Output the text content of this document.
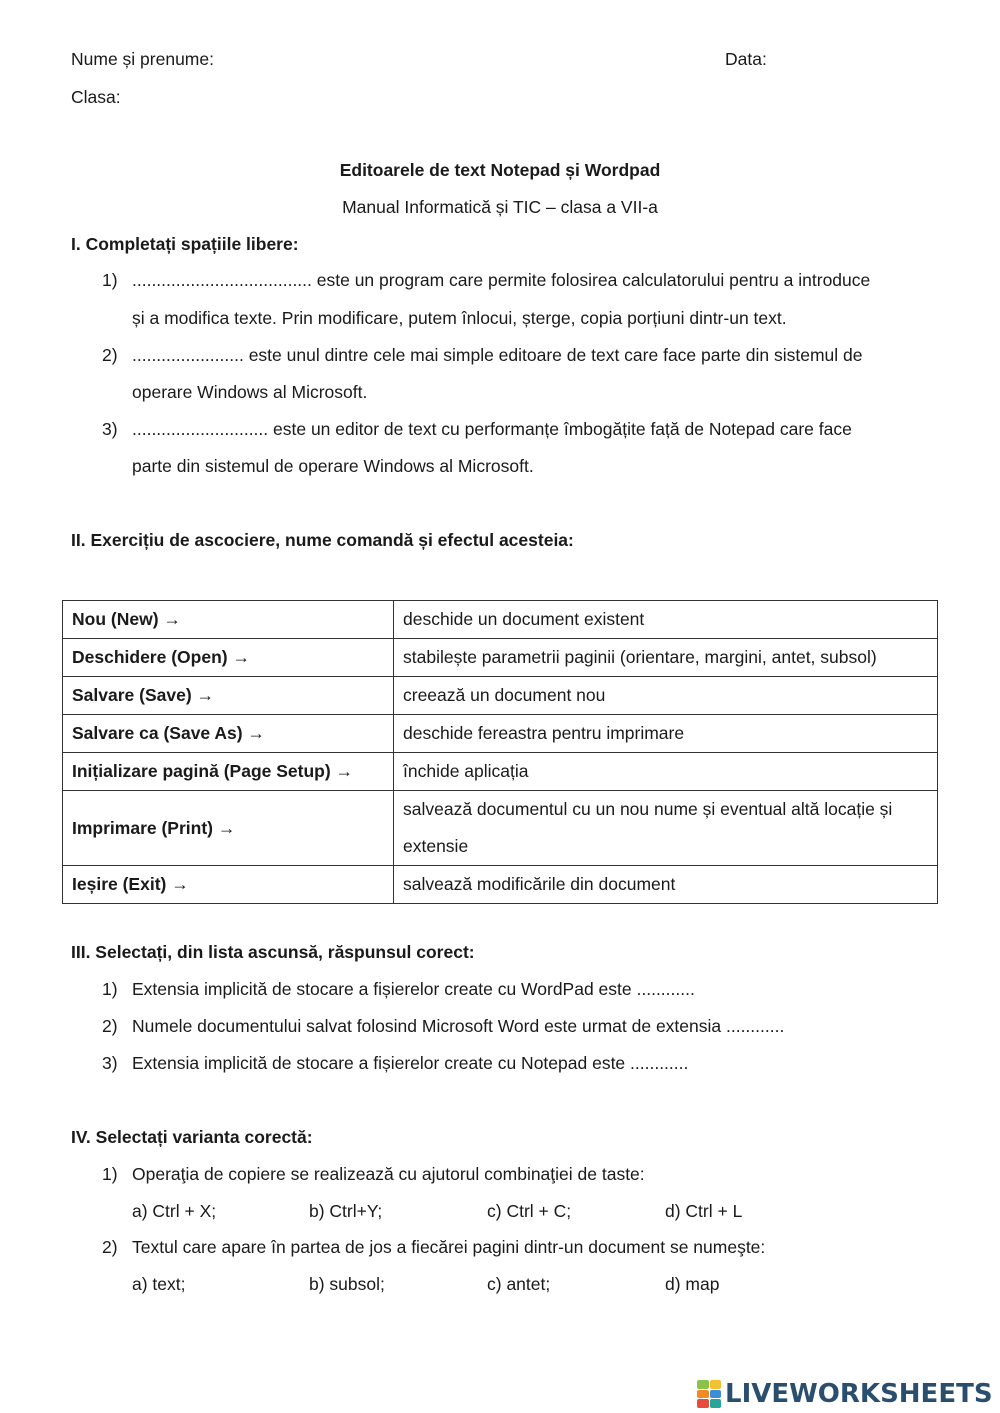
Nume și prenume:	Data:
Clasa:
Editoarele de text Notepad și Wordpad
Manual Informatică și TIC – clasa a VII-a
I. Completați spațiile libere:
1) ..................................... este un program care permite folosirea calculatorului pentru a introduce
și a modifica texte. Prin modificare, putem înlocui, șterge, copia porțiuni dintr-un text.
2) ....................... este unul dintre cele mai simple editoare de text care face parte din sistemul de
operare Windows al Microsoft.
3) ............................ este un editor de text cu performanțe îmbogățite față de Notepad care face
parte din sistemul de operare Windows al Microsoft.
II. Exercițiu de ascociere, nume comandă și efectul acesteia:
Nou (New) →	deschide un document existent
Deschidere (Open) →	stabilește parametrii paginii (orientare, margini, antet, subsol)
Salvare (Save) →	creează un document nou
Salvare ca (Save As) →	deschide fereastra pentru imprimare
Inițializare pagină (Page Setup) →	închide aplicația
Imprimare (Print) →	salvează documentul cu un nou nume și eventual altă locație și extensie
Ieșire (Exit) →	salvează modificările din document
III. Selectați, din lista ascunsă, răspunsul corect:
1) Extensia implicită de stocare a fișierelor create cu WordPad este ............
2) Numele documentului salvat folosind Microsoft Word este urmat de extensia ............
3) Extensia implicită de stocare a fișierelor create cu Notepad este ............
IV. Selectați varianta corectă:
1) Operaţia de copiere se realizează cu ajutorul combinaţiei de taste:
a) Ctrl + X;	b) Ctrl+Y;	c) Ctrl + C;	d) Ctrl + L
2) Textul care apare în partea de jos a fiecărei pagini dintr-un document se numeşte:
a) text;	b) subsol;	c) antet;	d) map
LIVEWORKSHEETS
